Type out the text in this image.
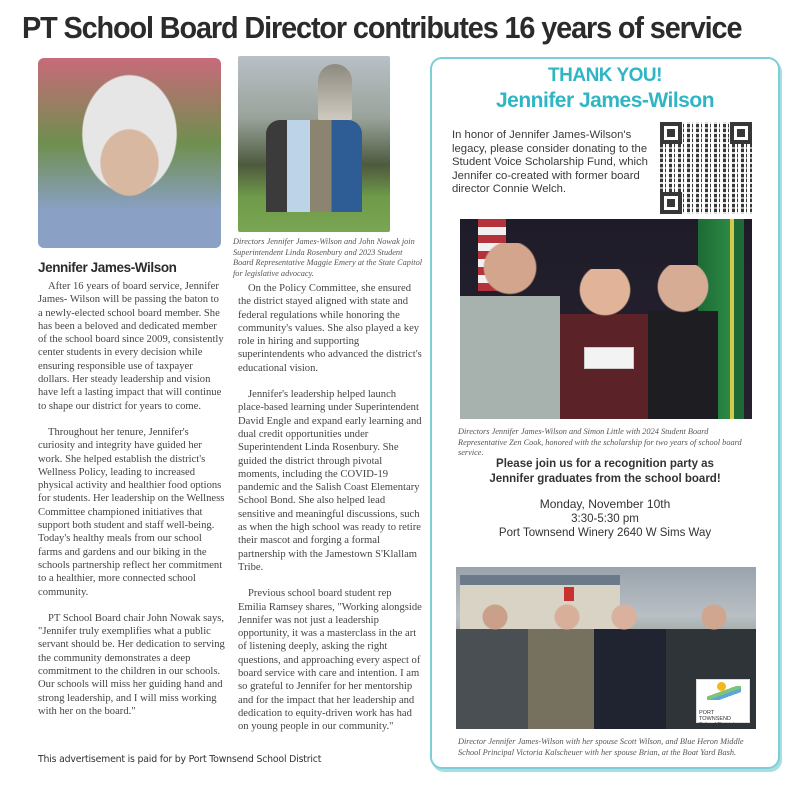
PT School Board Director contributes 16 years of service
Directors Jennifer James-Wilson and John Nowak join Superintendent Linda Rosenbury and 2023 Student Board Representative Maggie Emery at the State Capitol for legislative advocacy.
Jennifer James-Wilson

After 16 years of board service, Jennifer James- Wilson will be passing the baton to a newly-elected school board member. She has been a beloved and dedicated member of the school board since 2009, consistently center students in every decision while ensuring responsible use of taxpayer dollars. Her steady leadership and vision have left a lasting impact that will continue to shape our district for years to come.

Throughout her tenure, Jennifer's curiosity and integrity have guided her work. She helped establish the district's Wellness Policy, leading to increased physical activity and healthier food options for students. Her leadership on the Wellness Committee championed initiatives that support both student and staff well-being. Today's healthy meals from our school farms and gardens and our biking in the schools partnership reflect her commitment to a healthier, more connected school community.

PT School Board chair John Nowak says, "Jennifer truly exemplifies what a public servant should be. Her dedication to serving the community demonstrates a deep commitment to the children in our schools. Our schools will miss her guiding hand and strong leadership, and I will miss working with her on the board."

On the Policy Committee, she ensured the district stayed aligned with state and federal regulations while honoring the community's values. She also played a key role in hiring and supporting superintendents who advanced the district's educational vision.

Jennifer's leadership helped launch place-based learning under Superintendent David Engle and expand early learning and dual credit opportunities under Superintendent Linda Rosenbury. She guided the district through pivotal moments, including the COVID-19 pandemic and the Salish Coast Elementary School Bond. She also helped lead sensitive and meaningful discussions, such as when the high school was ready to retire their mascot and forging a formal partnership with the Jamestown S'Klallam Tribe.

Previous school board student rep Emilia Ramsey shares, "Working alongside Jennifer was not just a leadership opportunity, it was a masterclass in the art of listening deeply, asking the right questions, and approaching every aspect of board service with care and intention. I am so grateful to Jennifer for her mentorship and for the impact that her leadership and dedication to equity-driven work has had on young people in our community."

This advertisement is paid for by Port Townsend School District
THANK YOU!
Jennifer James-Wilson
In honor of Jennifer James-Wilson's legacy, please consider donating to the Student Voice Scholarship Fund, which Jennifer co-created with former board director Connie Welch.
Directors Jennifer James-Wilson and Simon Little with 2024 Student Board Representative Zen Cook, honored with the scholarship for two years of school board service.
Please join us for a recognition party as
Jennifer graduates from the school board!
Monday, November 10th
3:30-5:30 pm
Port Townsend Winery 2640 W Sims Way
PORT TOWNSEND
School District
Director Jennifer James-Wilson with her spouse Scott Wilson, and Blue Heron Middle School Principal Victoria Kalscheuer with her spouse Brian, at the Boat Yard Bash.
